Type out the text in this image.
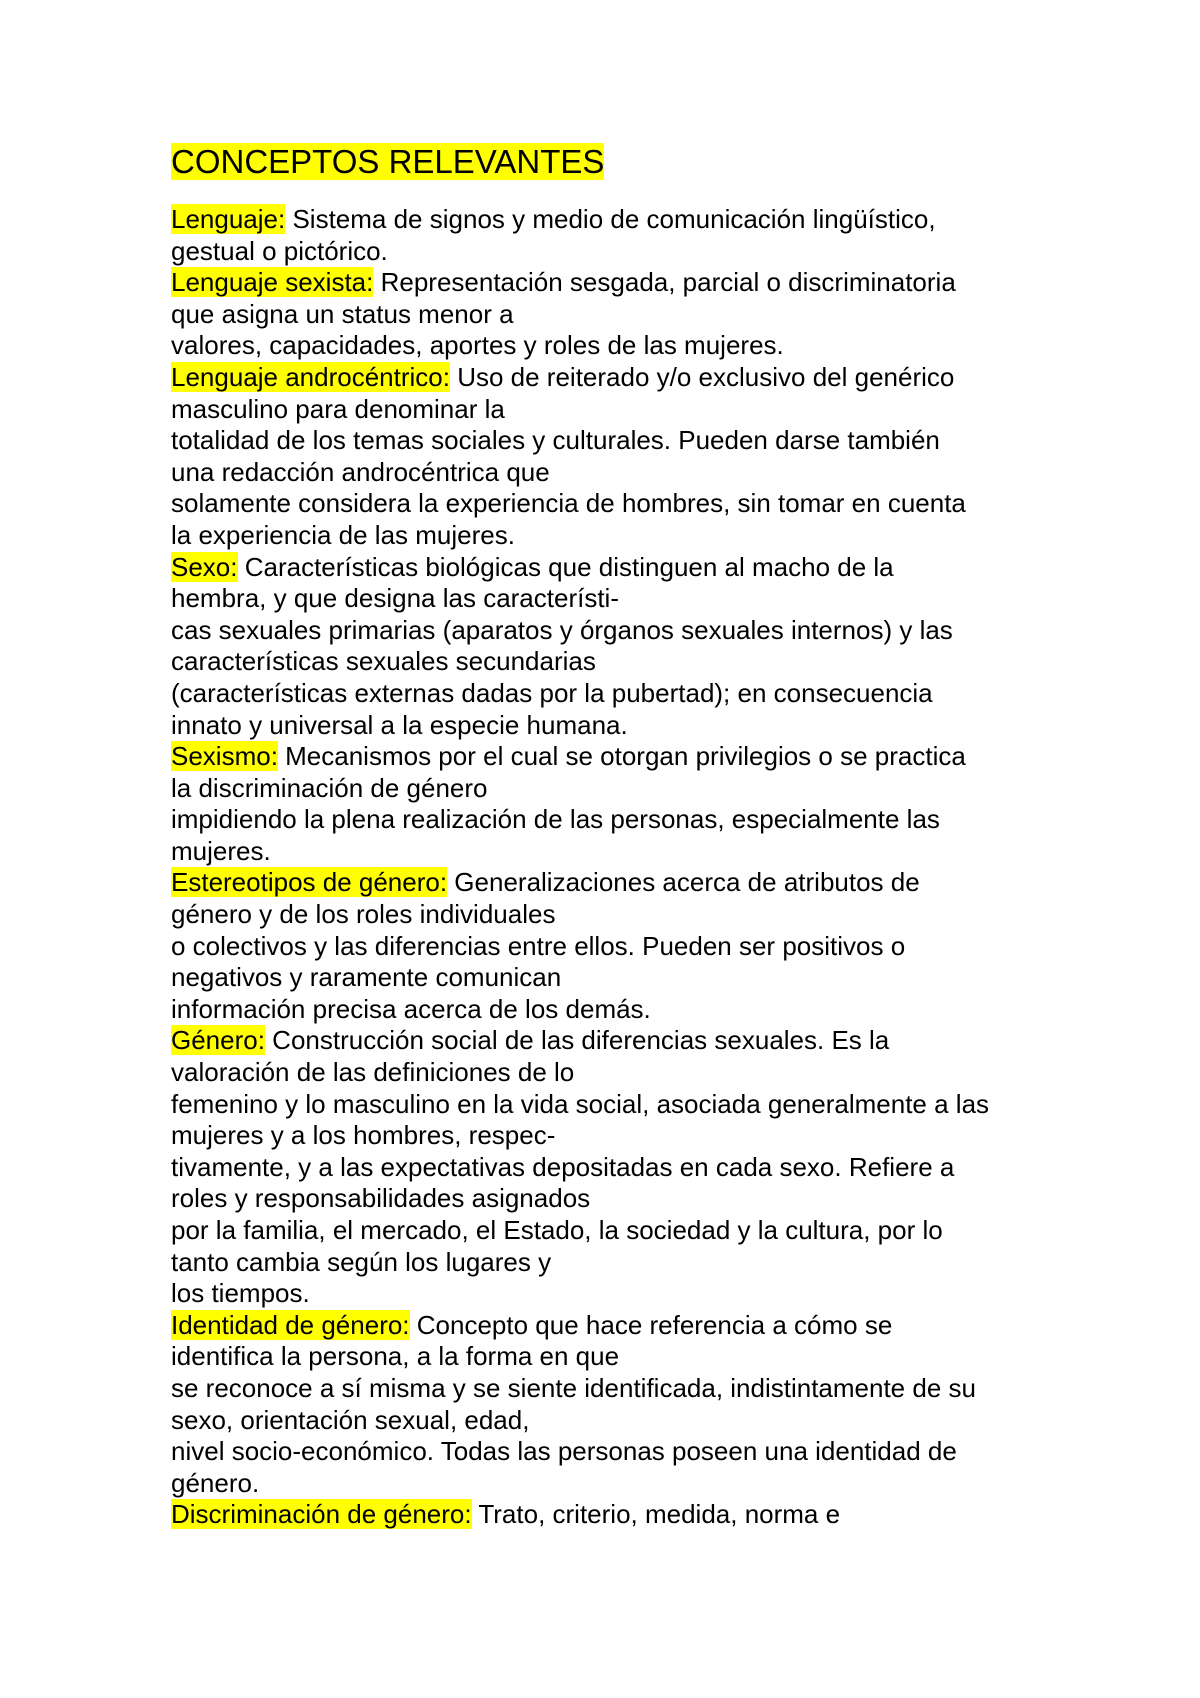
CONCEPTOS RELEVANTES
Lenguaje: Sistema de signos y medio de comunicación lingüístico,
gestual o pictórico.
Lenguaje sexista: Representación sesgada, parcial o discriminatoria
que asigna un status menor a
valores, capacidades, aportes y roles de las mujeres.
Lenguaje androcéntrico: Uso de reiterado y/o exclusivo del genérico
masculino para denominar la
totalidad de los temas sociales y culturales. Pueden darse también
una redacción androcéntrica que
solamente considera la experiencia de hombres, sin tomar en cuenta
la experiencia de las mujeres.
Sexo: Características biológicas que distinguen al macho de la
hembra, y que designa las característi-
cas sexuales primarias (aparatos y órganos sexuales internos) y las
características sexuales secundarias
(características externas dadas por la pubertad); en consecuencia
innato y universal a la especie humana.
Sexismo: Mecanismos por el cual se otorgan privilegios o se practica
la discriminación de género
impidiendo la plena realización de las personas, especialmente las
mujeres.
Estereotipos de género: Generalizaciones acerca de atributos de
género y de los roles individuales
o colectivos y las diferencias entre ellos. Pueden ser positivos o
negativos y raramente comunican
información precisa acerca de los demás.
Género: Construcción social de las diferencias sexuales. Es la
valoración de las definiciones de lo
femenino y lo masculino en la vida social, asociada generalmente a las
mujeres y a los hombres, respec-
tivamente, y a las expectativas depositadas en cada sexo. Refiere a
roles y responsabilidades asignados
por la familia, el mercado, el Estado, la sociedad y la cultura, por lo
tanto cambia según los lugares y
los tiempos.
Identidad de género: Concepto que hace referencia a cómo se
identifica la persona, a la forma en que
se reconoce a sí misma y se siente identificada, indistintamente de su
sexo, orientación sexual, edad,
nivel socio-económico. Todas las personas poseen una identidad de
género.
Discriminación de género: Trato, criterio, medida, norma e
